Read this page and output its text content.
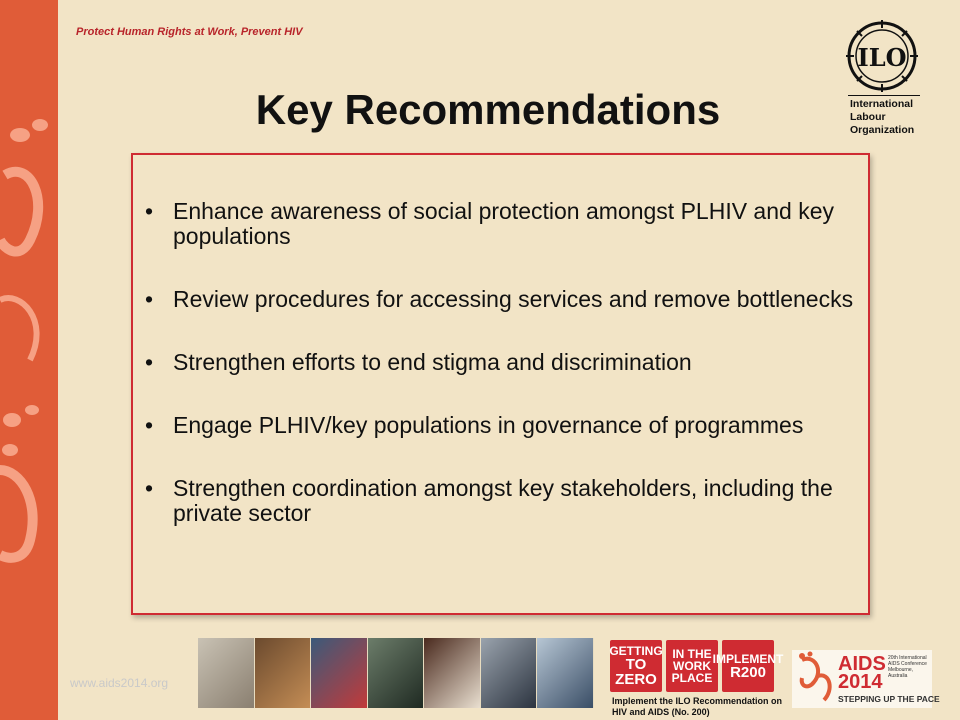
Protect Human Rights at Work, Prevent HIV
Key Recommendations
ILO
International
Labour
Organization
• Enhance awareness of social protection amongst PLHIV and key populations
• Review procedures for accessing services and remove bottlenecks
• Strengthen efforts to end stigma and discrimination
• Engage PLHIV/key populations in governance of programmes
• Strengthen coordination amongst key stakeholders, including the private sector
www.aids2014.org
GETTING
TO ZERO
IN THE
WORK PLACE
IMPLEMENT
R200
Implement the ILO Recommendation on HIV and AIDS (No. 200)
AIDS
2014
20th International AIDS Conference Melbourne, Australia
STEPPING UP THE PACE
